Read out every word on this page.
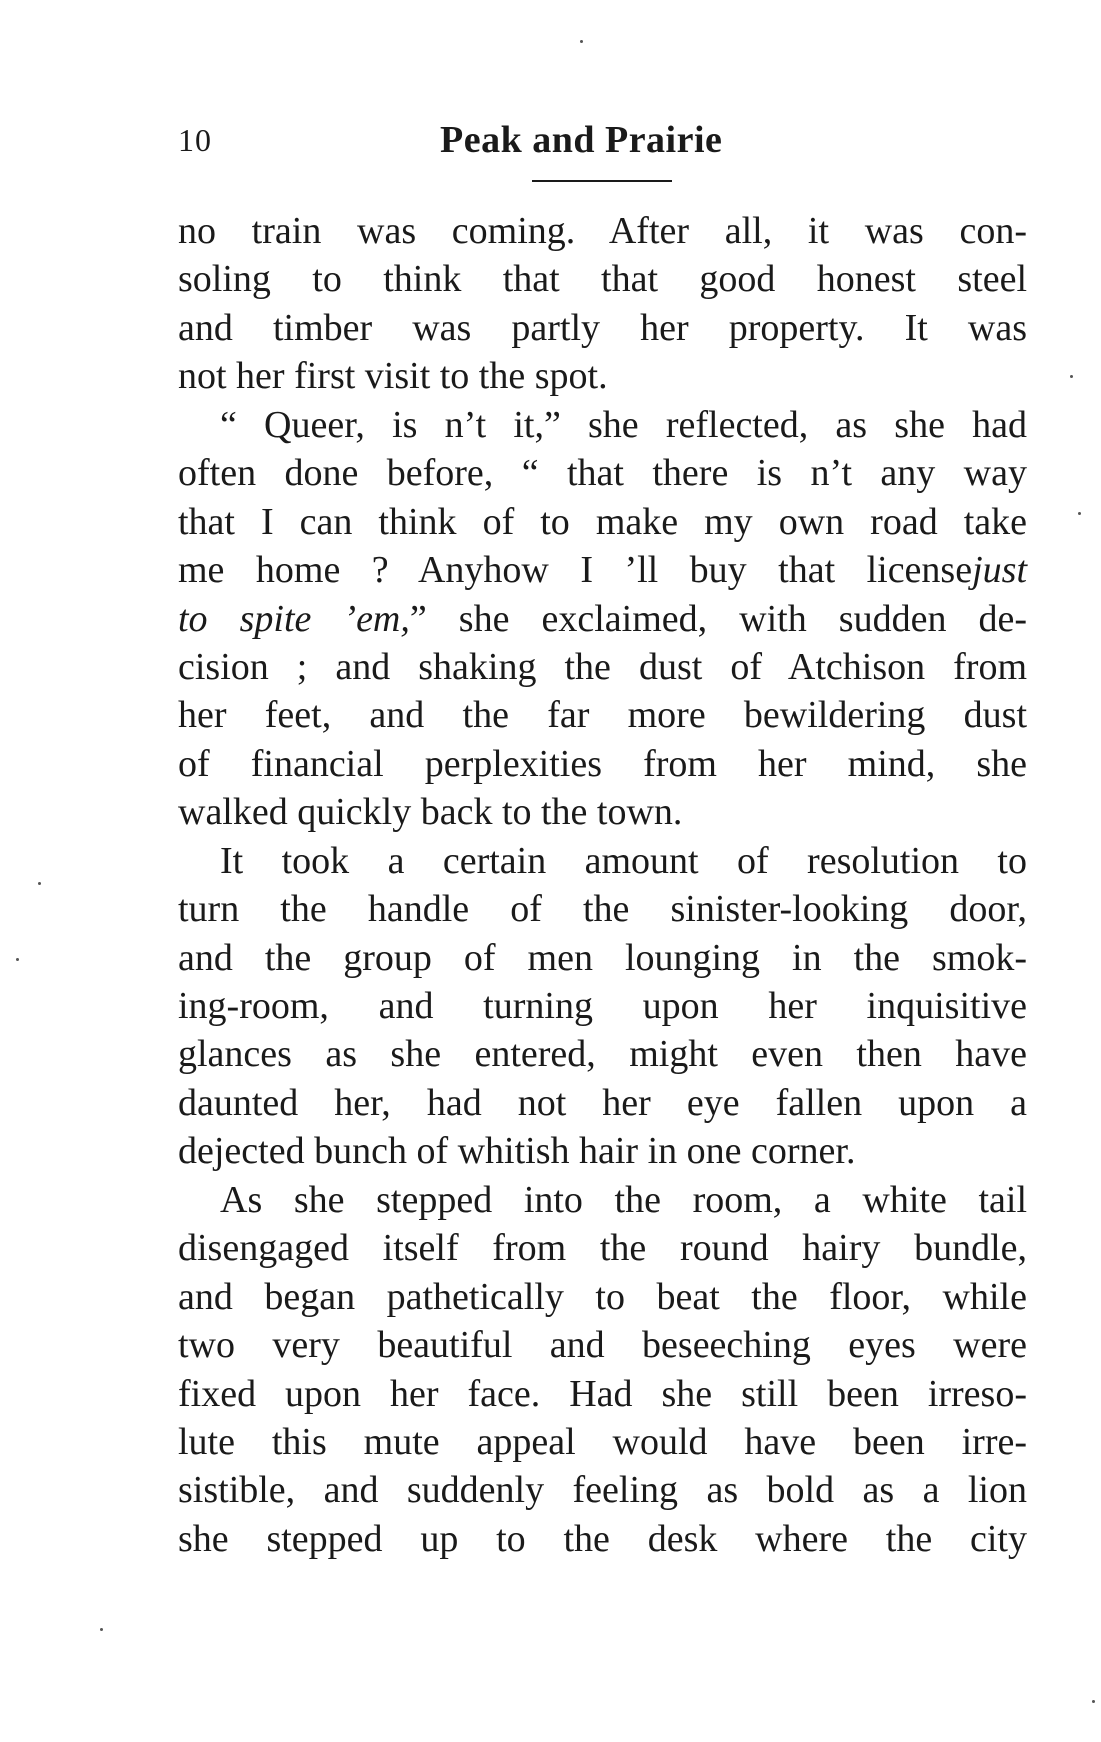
10	Peak and Prairie
no train was coming. After all, it was con-
soling to think that that good honest steel
and timber was partly her property. It was
not her first visit to the spot.
“ Queer, is n’t it,” she reflected, as she had
often done before, “ that there is n’t any way
that I can think of to make my own road take
me home ? Anyhow I ’ll buy that licensejust
to spite ’em,” she exclaimed, with sudden de-
cision ; and shaking the dust of Atchison from
her feet, and the far more bewildering dust
of financial perplexities from her mind, she
walked quickly back to the town.
It took a certain amount of resolution to
turn the handle of the sinister-looking door,
and the group of men lounging in the smok-
ing-room, and turning upon her inquisitive
glances as she entered, might even then have
daunted her, had not her eye fallen upon a
dejected bunch of whitish hair in one corner.
As she stepped into the room, a white tail
disengaged itself from the round hairy bundle,
and began pathetically to beat the floor, while
two very beautiful and beseeching eyes were
fixed upon her face. Had she still been irreso-
lute this mute appeal would have been irre-
sistible, and suddenly feeling as bold as a lion
she stepped up to the desk where the city
